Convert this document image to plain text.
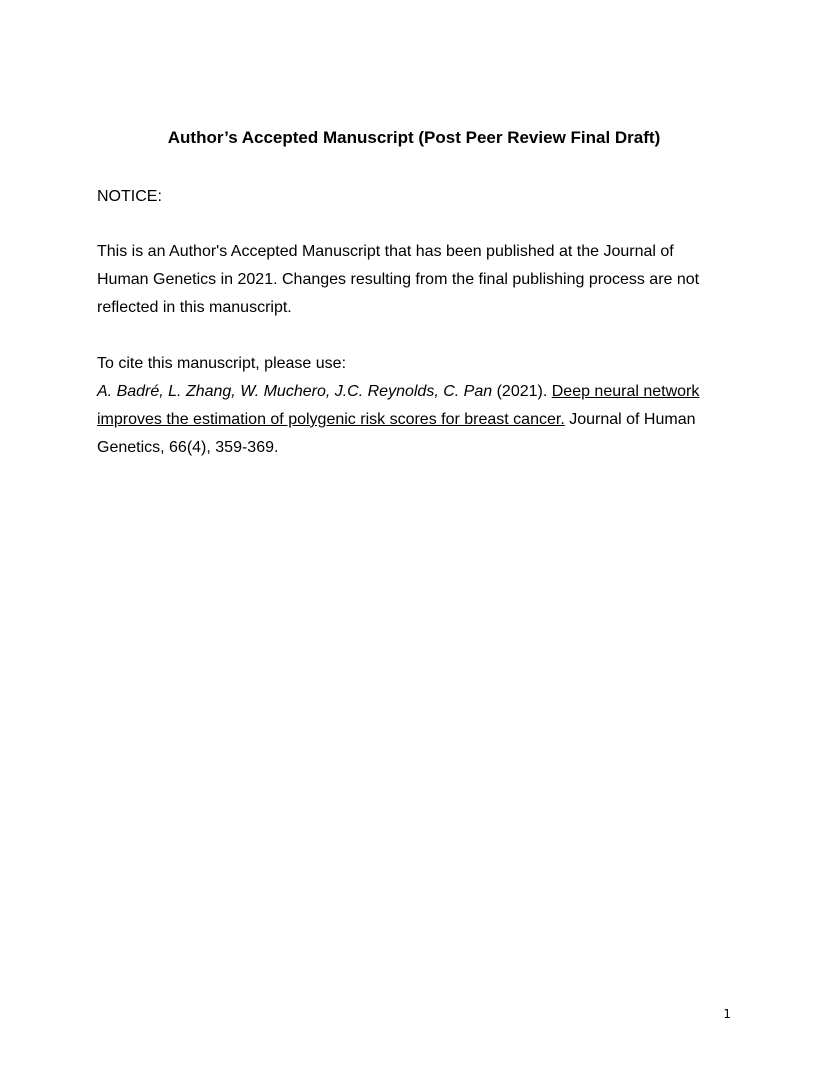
Author’s Accepted Manuscript (Post Peer Review Final Draft)
NOTICE:
This is an Author's Accepted Manuscript that has been published at the Journal of
Human Genetics in 2021. Changes resulting from the final publishing process are not
reflected in this manuscript.
To cite this manuscript, please use:
A. Badré, L. Zhang, W. Muchero, J.C. Reynolds, C. Pan (2021). Deep neural network
improves the estimation of polygenic risk scores for breast cancer. Journal of Human
Genetics, 66(4), 359-369.
1
